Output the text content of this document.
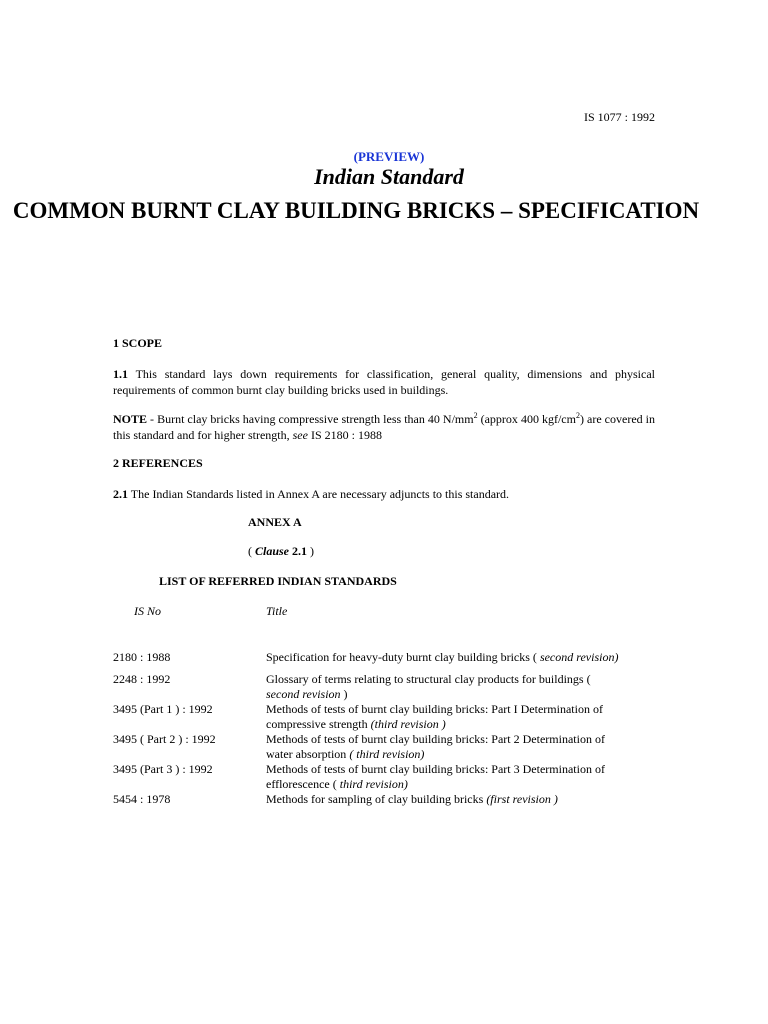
IS 1077 : 1992
(PREVIEW)
Indian Standard
COMMON BURNT CLAY BUILDING BRICKS – SPECIFICATION
1 SCOPE
1.1 This standard lays down requirements for classification, general quality, dimensions and physical requirements of common burnt clay building bricks used in buildings.
NOTE - Burnt clay bricks having compressive strength less than 40 $N/mm^2$ (approx 400 kgf/$cm^2$) are covered in this standard and for higher strength, see IS 2180 : 1988
2 REFERENCES
2.1 The Indian Standards listed in Annex A are necessary adjuncts to this standard.
ANNEX A
( Clause 2.1 )
LIST OF REFERRED INDIAN STANDARDS
IS No	Title
2180 : 1988	Specification for heavy-duty burnt clay building bricks ( second revision)
2248 : 1992	Glossary of terms relating to structural clay products for buildings ( second revision )
3495 (Part 1 ) : 1992	Methods of tests of burnt clay building bricks: Part I Determination of compressive strength (third revision )
3495 ( Part 2 ) : 1992	Methods of tests of burnt clay building bricks: Part 2 Determination of water absorption ( third revision)
3495 (Part 3 ) : 1992	Methods of tests of burnt clay building bricks: Part 3 Determination of efflorescence ( third revision)
5454 : 1978	Methods for sampling of clay building bricks (first revision )
